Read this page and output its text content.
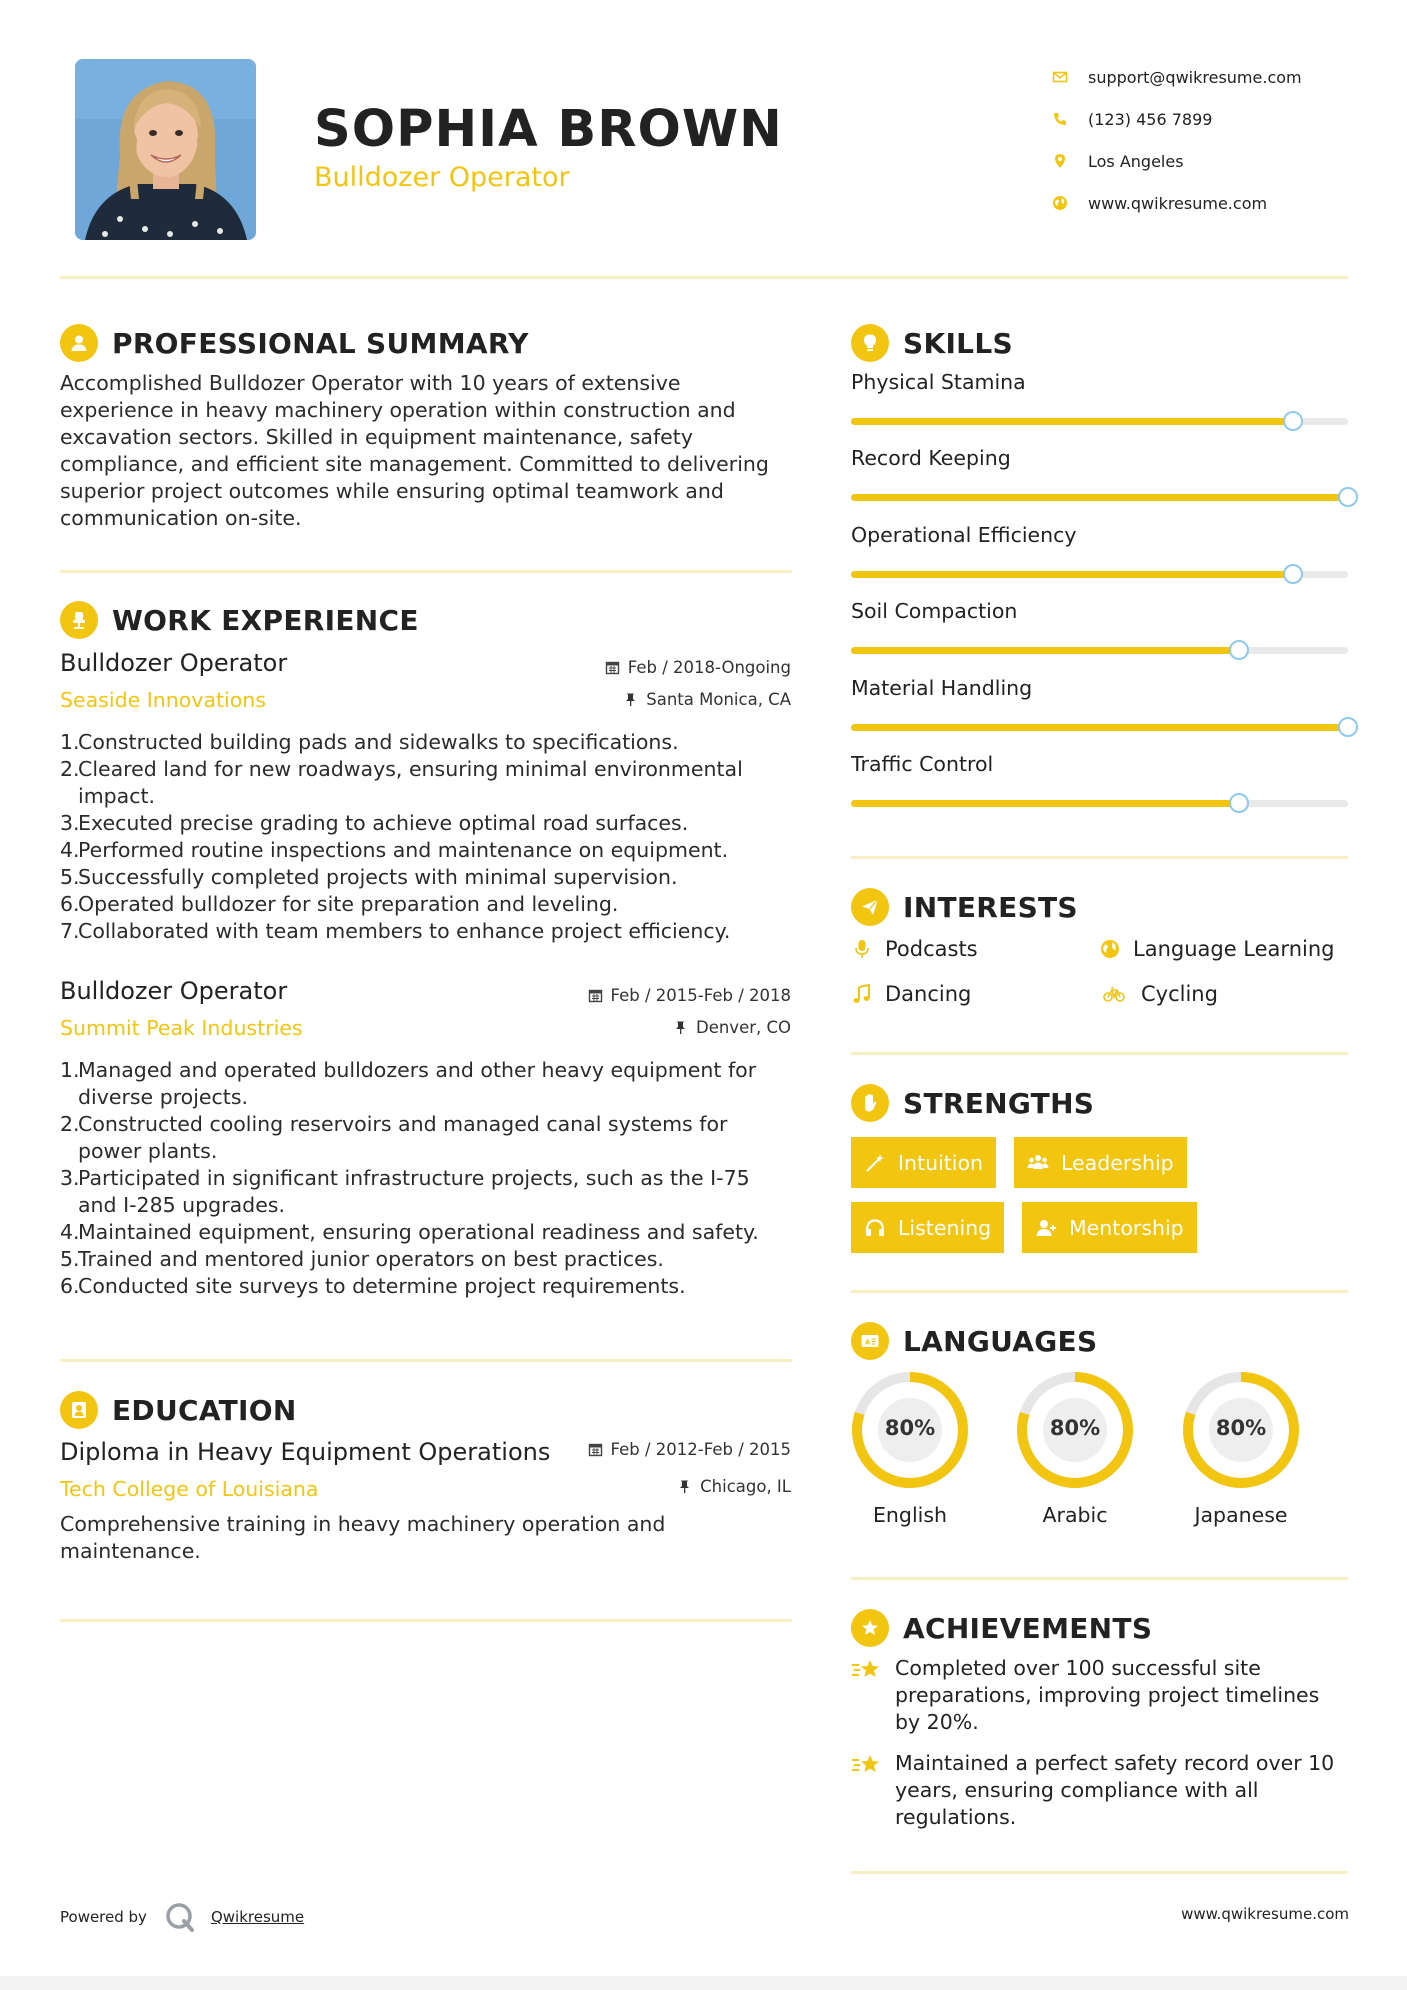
SOPHIA BROWN
Bulldozer Operator
support@qwikresume.com
(123) 456 7899
Los Angeles
www.qwikresume.com
PROFESSIONAL SUMMARY
Accomplished Bulldozer Operator with 10 years of extensive
experience in heavy machinery operation within construction and
excavation sectors. Skilled in equipment maintenance, safety
compliance, and efficient site management. Committed to delivering
superior project outcomes while ensuring optimal teamwork and
communication on-site.
WORK EXPERIENCE
Bulldozer Operator	Feb / 2018-Ongoing
Seaside Innovations	Santa Monica, CA
1.
Constructed building pads and sidewalks to specifications.
2.
Cleared land for new roadways, ensuring minimal environmental
impact.
3.
Executed precise grading to achieve optimal road surfaces.
4.
Performed routine inspections and maintenance on equipment.
5.
Successfully completed projects with minimal supervision.
6.
Operated bulldozer for site preparation and leveling.
7.
Collaborated with team members to enhance project efficiency.
Bulldozer Operator	Feb / 2015-Feb / 2018
Summit Peak Industries	Denver, CO
1.
Managed and operated bulldozers and other heavy equipment for
diverse projects.
2.
Constructed cooling reservoirs and managed canal systems for
power plants.
3.
Participated in significant infrastructure projects, such as the I-75
and I-285 upgrades.
4.
Maintained equipment, ensuring operational readiness and safety.
5.
Trained and mentored junior operators on best practices.
6.
Conducted site surveys to determine project requirements.
EDUCATION
Diploma in Heavy Equipment Operations	Feb / 2012-Feb / 2015
Tech College of Louisiana	Chicago, IL
Comprehensive training in heavy machinery operation and
maintenance.
SKILLS
Physical Stamina
Record Keeping
Operational Efficiency
Soil Compaction
Material Handling
Traffic Control
INTERESTS
Podcasts	Language Learning
Dancing	Cycling
STRENGTHS
Intuition	Leadership
Listening	Mentorship
A LANGUAGES
80%
English
80%
Arabic
80%
Japanese
ACHIEVEMENTS
Completed over 100 successful site
preparations, improving project timelines
by 20%.
Maintained a perfect safety record over 10
years, ensuring compliance with all
regulations.
Powered by	Qwikresume	www.qwikresume.com
